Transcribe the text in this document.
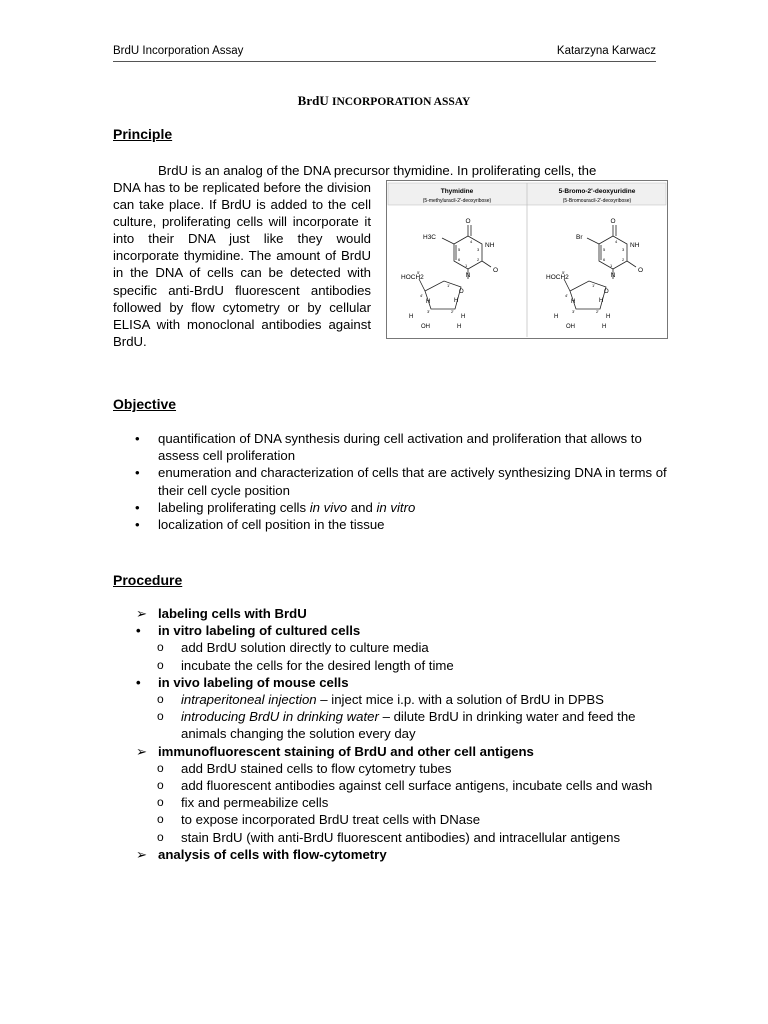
BrdU Incorporation Assay	Katarzyna Karwacz
BrdU INCORPORATION ASSAY
Principle
BrdU is an analog of the DNA precursor thymidine. In proliferating cells, the
DNA has to be replicated before the division can take place. If BrdU is added to the cell culture, proliferating cells will incorporate it into their DNA just like they would incorporate thymidine. The amount of BrdU in the DNA of cells can be detected with specific anti-BrdU fluorescent antibodies followed by flow cytometry or by cellular ELISA with monoclonal antibodies against BrdU.
Thymidine
(5-methyluracil-2'-deoxyribose)
5-Bromo-2'-deoxyuridine
(5-Bromouracil-2'-deoxyribose)
O
NH
O
N
H3C
HOCH2
O
4
3
2
5
6
1
5'
4'
1'
3'	2'
H	H
H	H
OH	H
O
NH
O
N
Br
HOCH2
O
4
3
2
5
6
1
5'
4'
1'
3'	2'
H	H
H	H
OH	H
Objective
• quantification of DNA synthesis during cell activation and proliferation that allows to assess cell proliferation
• enumeration and characterization of cells that are actively synthesizing DNA in terms of their cell cycle position
• labeling proliferating cells in vivo and in vitro
• localization of cell position in the tissue
Procedure
➢ labeling cells with BrdU
• in vitro labeling of cultured cells
o add BrdU solution directly to culture media
o incubate the cells for the desired length of time
• in vivo labeling of mouse cells
o intraperitoneal injection – inject mice i.p. with a solution of BrdU in DPBS
o introducing BrdU in drinking water – dilute BrdU in drinking water and feed the animals changing the solution every day
➢ immunofluorescent staining of BrdU and other cell antigens
o add BrdU stained cells to flow cytometry tubes
o add fluorescent antibodies against cell surface antigens, incubate cells and wash
o fix and permeabilize cells
o to expose incorporated BrdU treat cells with DNase
o stain BrdU (with anti-BrdU fluorescent antibodies) and intracellular antigens
➢ analysis of cells with flow-cytometry
